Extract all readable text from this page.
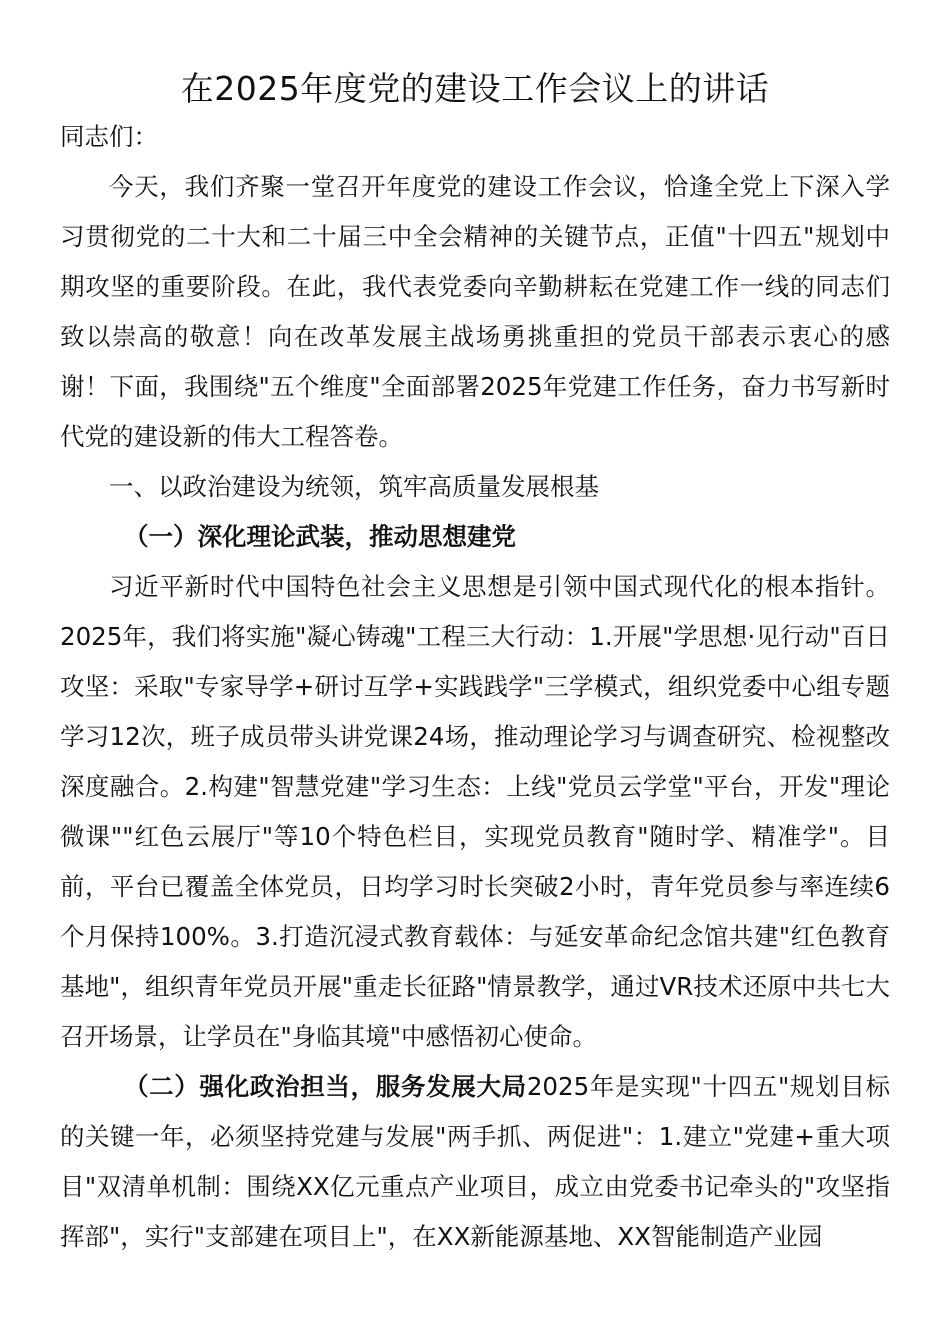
在2025年度党的建设工作会议上的讲话

同志们：

今天，我们齐聚一堂召开年度党的建设工作会议，恰逢全党上下深入学习贯彻党的二十大和二十届三中全会精神的关键节点，正值"十四五"规划中期攻坚的重要阶段。在此，我代表党委向辛勤耕耘在党建工作一线的同志们致以崇高的敬意！向在改革发展主战场勇挑重担的党员干部表示衷心的感谢！下面，我围绕"五个维度"全面部署2025年党建工作任务，奋力书写新时代党的建设新的伟大工程答卷。

一、以政治建设为统领，筑牢高质量发展根基

（一）深化理论武装，推动思想建党

习近平新时代中国特色社会主义思想是引领中国式现代化的根本指针。2025年，我们将实施"凝心铸魂"工程三大行动：1.开展"学思想·见行动"百日攻坚：采取"专家导学+研讨互学+实践践学"三学模式，组织党委中心组专题学习12次，班子成员带头讲党课24场，推动理论学习与调查研究、检视整改深度融合。2.构建"智慧党建"学习生态：上线"党员云学堂"平台，开发"理论微课""红色云展厅"等10个特色栏目，实现党员教育"随时学、精准学"。目前，平台已覆盖全体党员，日均学习时长突破2小时，青年党员参与率连续6个月保持100%。3.打造沉浸式教育载体：与延安革命纪念馆共建"红色教育基地"，组织青年党员开展"重走长征路"情景教学，通过VR技术还原中共七大召开场景，让学员在"身临其境"中感悟初心使命。

（二）强化政治担当，服务发展大局2025年是实现"十四五"规划目标的关键一年，必须坚持党建与发展"两手抓、两促进"：1.建立"党建+重大项目"双清单机制：围绕XX亿元重点产业项目，成立由党委书记牵头的"攻坚指挥部"，实行"支部建在项目上"，在XX新能源基地、XX智能制造产业园
